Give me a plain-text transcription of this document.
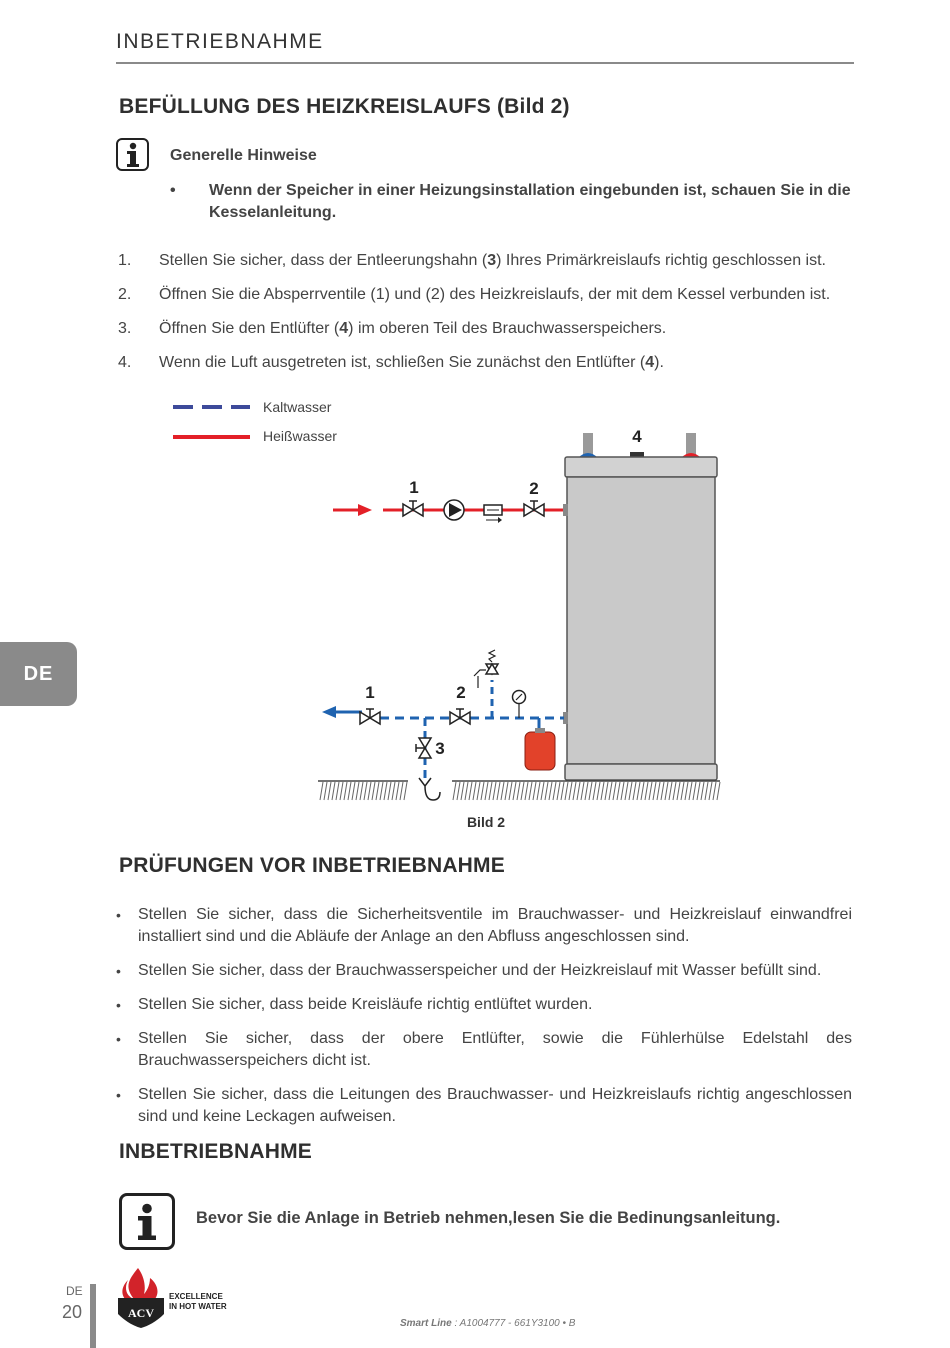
INBETRIEBNAHME
BEFÜLLUNG DES HEIZKREISLAUFS (Bild 2)
Generelle Hinweise
•	Wenn der Speicher in einer Heizungsinstallation eingebunden ist, schauen Sie in die Kesselanleitung.
1.	Stellen Sie sicher, dass der Entleerungshahn (3) Ihres Primärkreislaufs richtig geschlossen ist.
2.	Öffnen Sie die Absperrventile (1) und (2) des Heizkreislaufs, der mit dem Kessel verbunden ist.
3.	Öffnen Sie den Entlüfter (4) im oberen Teil des Brauchwasserspeichers.
4.	Wenn die Luft ausgetreten ist, schließen Sie zunächst den Entlüfter (4).
Kaltwasser
Heißwasser	4
1	2
1	2
3
Bild 2
PRÜFUNGEN VOR INBETRIEBNAHME
•	Stellen Sie sicher, dass die Sicherheitsventile im Brauchwasser- und Heizkreislauf einwandfrei installiert sind und die Abläufe der Anlage an den Abfluss angeschlossen sind.
•	Stellen Sie sicher, dass der Brauchwasserspeicher und der Heizkreislauf mit Wasser befüllt sind.
•	Stellen Sie sicher, dass beide Kreisläufe richtig entlüftet wurden.
•	Stellen Sie sicher, dass der obere Entlüfter, sowie die Fühlerhülse Edelstahl des Brauchwasserspeichers dicht ist.
•	Stellen Sie sicher, dass die Leitungen des Brauchwasser- und Heizkreislaufs richtig angeschlossen sind und keine Leckagen aufweisen.
INBETRIEBNAHME
Bevor Sie die Anlage in Betrieb nehmen,lesen Sie die Bedinungsanleitung.
DE
DE
20	ACV
EXCELLENCE
IN HOT WATER
Smart Line : A1004777 - 661Y3100 • B
